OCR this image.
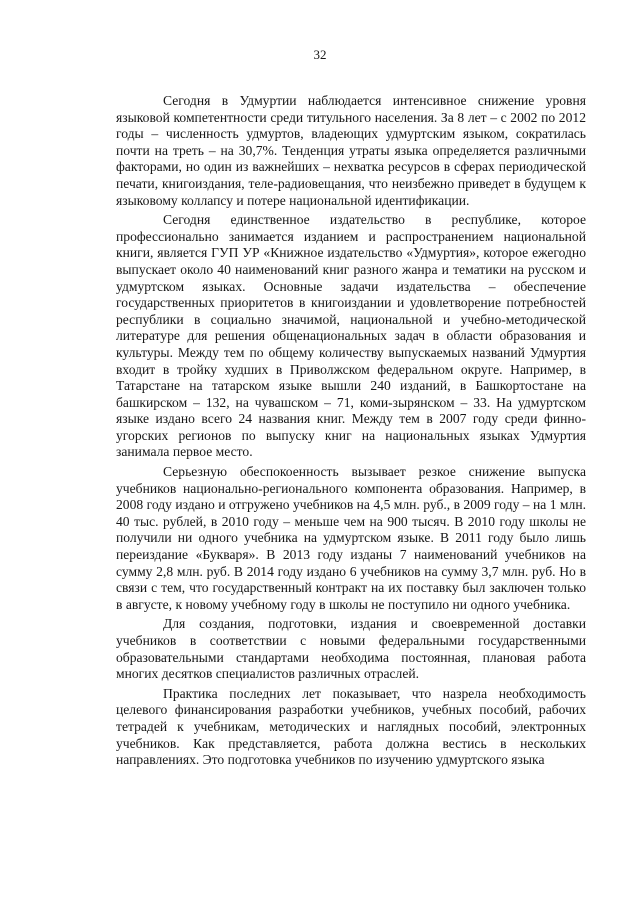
32

Сегодня в Удмуртии наблюдается интенсивное снижение уровня языковой компетентности среди титульного населения. За 8 лет – с 2002 по 2012 годы – численность удмуртов, владеющих удмуртским языком, сократилась почти на треть – на 30,7%. Тенденция утраты языка определяется различными факторами, но один из важнейших – нехватка ресурсов в сферах периодической печати, книгоиздания, теле-радиовещания, что неизбежно приведет в будущем к языковому коллапсу и потере национальной идентификации.

Сегодня единственное издательство в республике, которое профессионально занимается изданием и распространением национальной книги, является ГУП УР «Книжное издательство «Удмуртия», которое ежегодно выпускает около 40 наименований книг разного жанра и тематики на русском и удмуртском языках. Основные задачи издательства – обеспечение государственных приоритетов в книгоиздании и удовлетворение потребностей республики в социально значимой, национальной и учебно-методической литературе для решения общенациональных задач в области образования и культуры. Между тем по общему количеству выпускаемых названий Удмуртия входит в тройку худших в Приволжском федеральном округе. Например, в Татарстане на татарском языке вышли 240 изданий, в Башкортостане на башкирском – 132, на чувашском – 71, коми-зырянском – 33. На удмуртском языке издано всего 24 названия книг. Между тем в 2007 году среди финно-угорских регионов по выпуску книг на национальных языках Удмуртия занимала первое место.

Серьезную обеспокоенность вызывает резкое снижение выпуска учебников национально-регионального компонента образования. Например, в 2008 году издано и отгружено учебников на 4,5 млн. руб., в 2009 году – на 1 млн. 40 тыс. рублей, в 2010 году – меньше чем на 900 тысяч. В 2010 году школы не получили ни одного учебника на удмуртском языке. В 2011 году было лишь переиздание «Букваря». В 2013 году изданы 7 наименований учебников на сумму 2,8 млн. руб. В 2014 году издано 6 учебников на сумму 3,7 млн. руб. Но в связи с тем, что государственный контракт на их поставку был заключен только в августе, к новому учебному году в школы не поступило ни одного учебника.

Для создания, подготовки, издания и своевременной доставки учебников в соответствии с новыми федеральными государственными образовательными стандартами необходима постоянная, плановая работа многих десятков специалистов различных отраслей.

Практика последних лет показывает, что назрела необходимость целевого финансирования разработки учебников, учебных пособий, рабочих тетрадей к учебникам, методических и наглядных пособий, электронных учебников. Как представляется, работа должна вестись в нескольких направлениях. Это подготовка учебников по изучению удмуртского языка
